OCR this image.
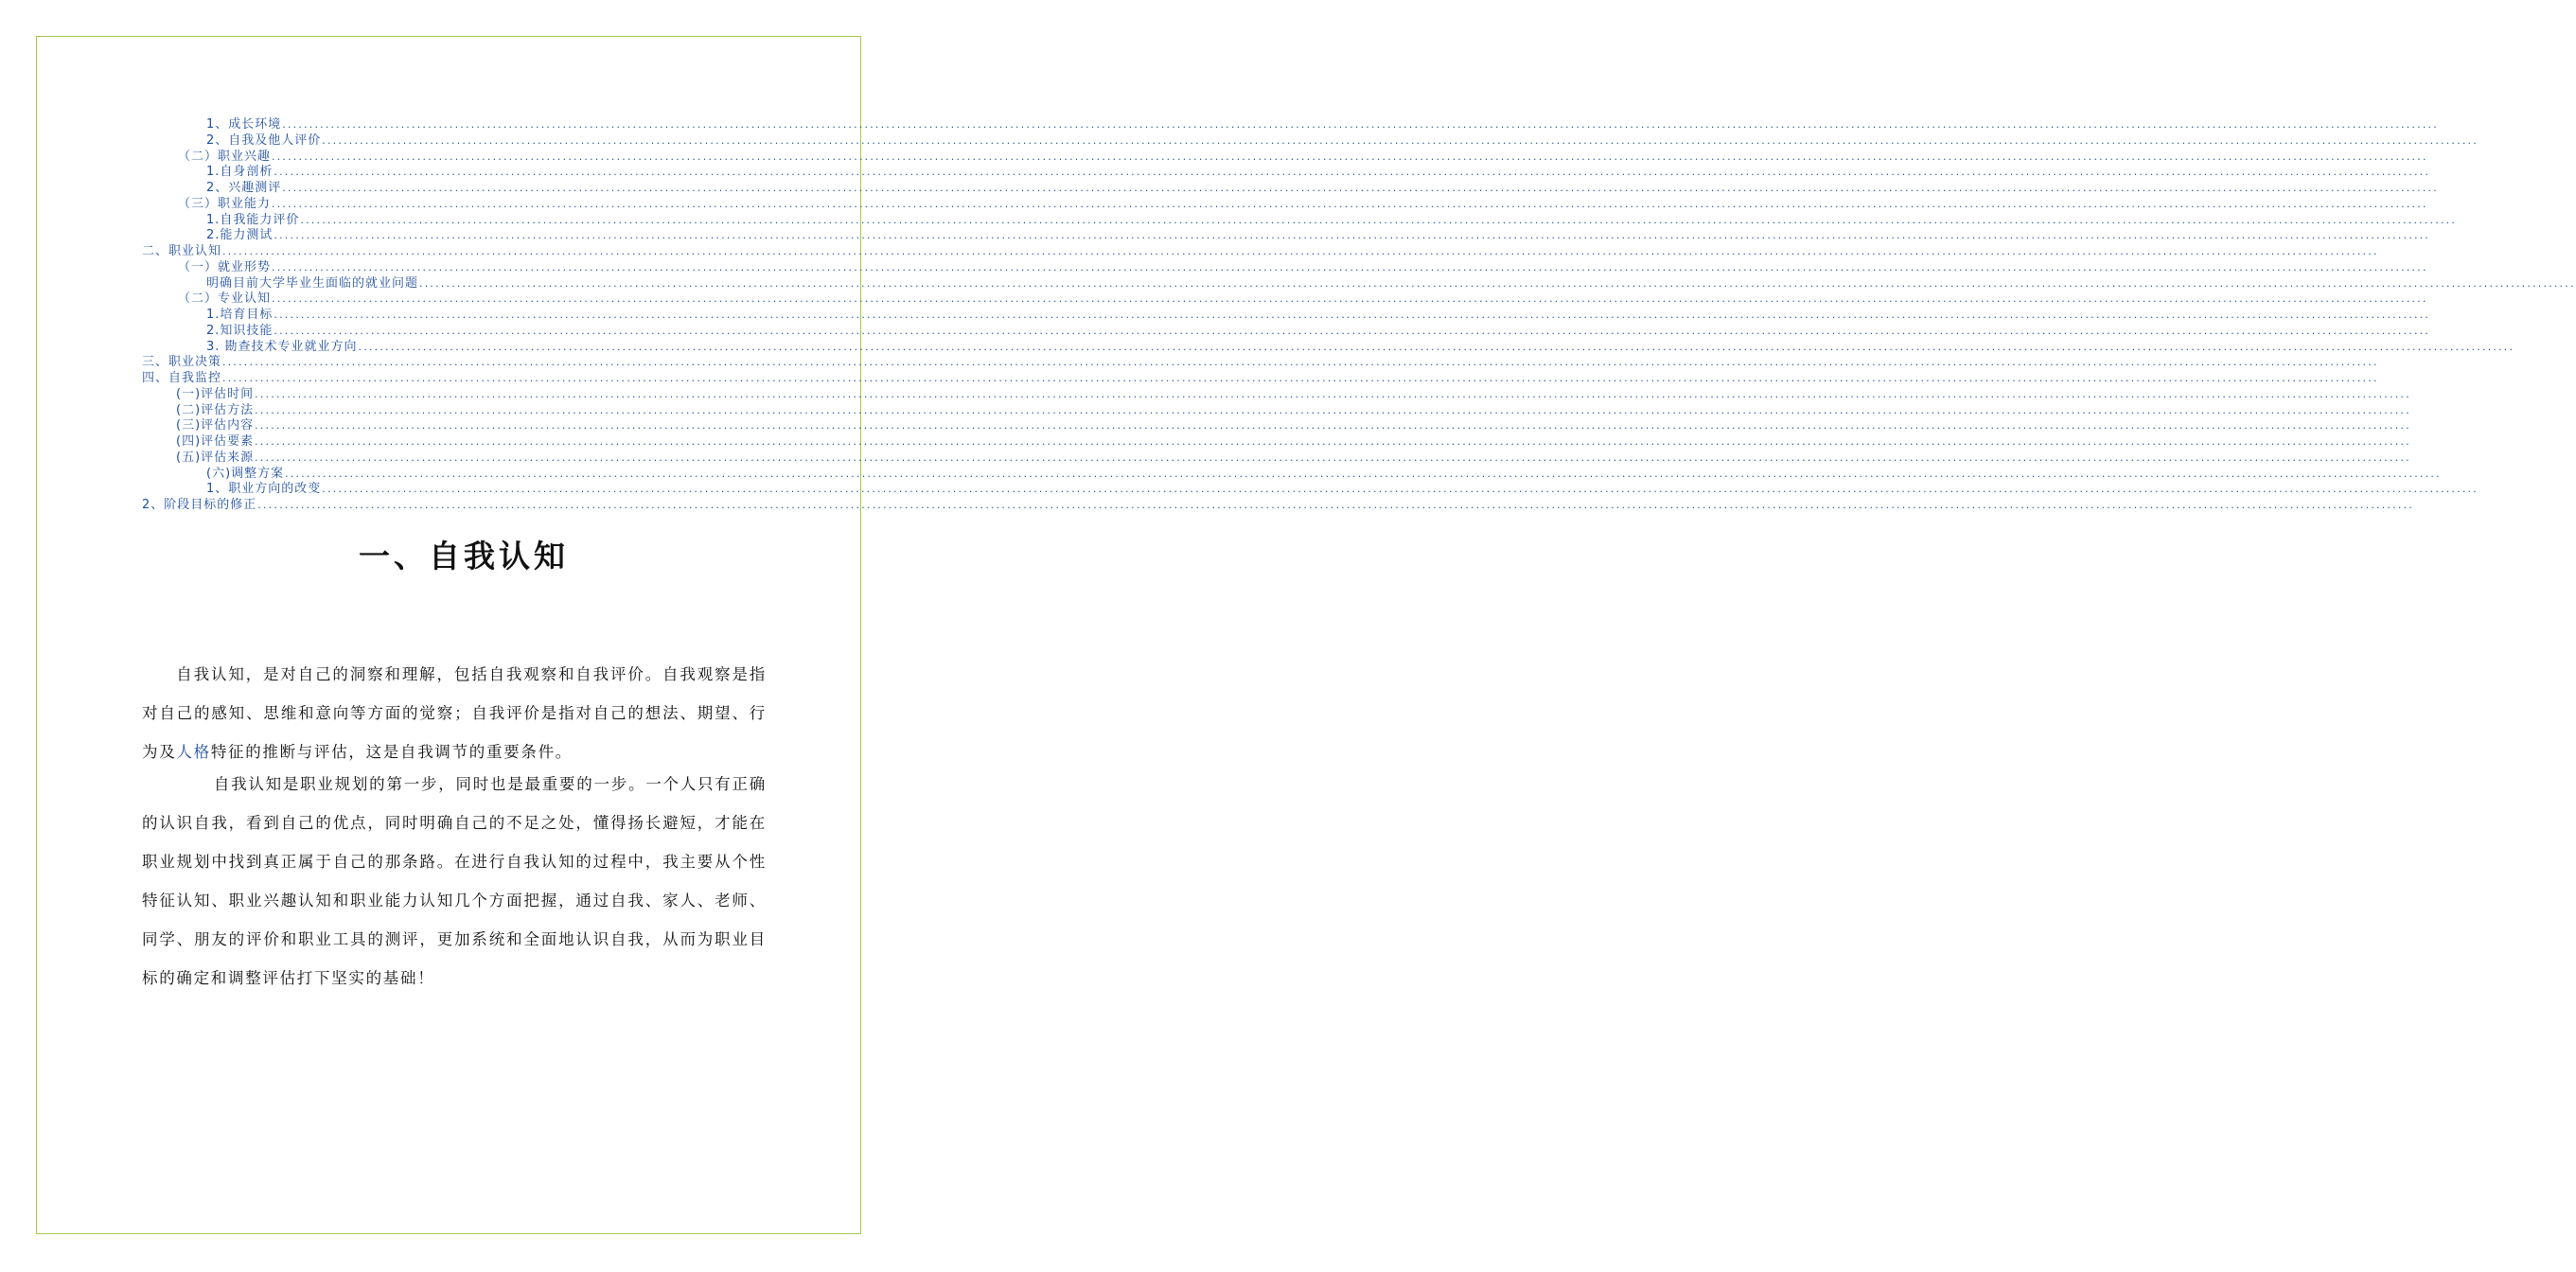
1、成长环境 ................................................................................................................................................................................................................................................................................................................................................................................................................
2、自我及他人评价 ................................................................................................................................................................................................................................................................................................................................................................................................................
（二）职业兴趣 ................................................................................................................................................................................................................................................................................................................................................................................................................
1.自身剖析 ................................................................................................................................................................................................................................................................................................................................................................................................................
2、兴趣测评 ................................................................................................................................................................................................................................................................................................................................................................................................................
（三）职业能力 ................................................................................................................................................................................................................................................................................................................................................................................................................
1.自我能力评价 ................................................................................................................................................................................................................................................................................................................................................................................................................
2.能力测试 ................................................................................................................................................................................................................................................................................................................................................................................................................
二、职业认知 ................................................................................................................................................................................................................................................................................................................................................................................................................
（一）就业形势 ................................................................................................................................................................................................................................................................................................................................................................................................................
明确目前大学毕业生面临的就业问题 ................................................................................................................................................................................................................................................................................................................................................................................................................
（二）专业认知 ................................................................................................................................................................................................................................................................................................................................................................................................................
1.培育目标 ................................................................................................................................................................................................................................................................................................................................................................................................................
2.知识技能 ................................................................................................................................................................................................................................................................................................................................................................................................................
3. 勘查技术专业就业方向 ................................................................................................................................................................................................................................................................................................................................................................................................................
三、职业决策 ................................................................................................................................................................................................................................................................................................................................................................................................................
四、自我监控 ................................................................................................................................................................................................................................................................................................................................................................................................................
(一)评估时间 ................................................................................................................................................................................................................................................................................................................................................................................................................
(二)评估方法 ................................................................................................................................................................................................................................................................................................................................................................................................................
(三)评估内容 ................................................................................................................................................................................................................................................................................................................................................................................................................
(四)评估要素 ................................................................................................................................................................................................................................................................................................................................................................................................................
(五)评估来源 ................................................................................................................................................................................................................................................................................................................................................................................................................
(六)调整方案 ................................................................................................................................................................................................................................................................................................................................................................................................................
1、职业方向的改变 ................................................................................................................................................................................................................................................................................................................................................................................................................
2、阶段目标的修正 ................................................................................................................................................................................................................................................................................................................................................................................................................
一、自我认知
自我认知，是对自己的洞察和理解，包括自我观察和自我评价。自我观察是指对自己的感知、思维和意向等方面的觉察；自我评价是指对自己的想法、期望、行为及人格特征的推断与评估，这是自我调节的重要条件。
自我认知是职业规划的第一步，同时也是最重要的一步。一个人只有正确的认识自我，看到自己的优点，同时明确自己的不足之处，懂得扬长避短，才能在职业规划中找到真正属于自己的那条路。在进行自我认知的过程中，我主要从个性特征认知、职业兴趣认知和职业能力认知几个方面把握，通过自我、家人、老师、同学、朋友的评价和职业工具的测评，更加系统和全面地认识自我，从而为职业目标的确定和调整评估打下坚实的基础！
